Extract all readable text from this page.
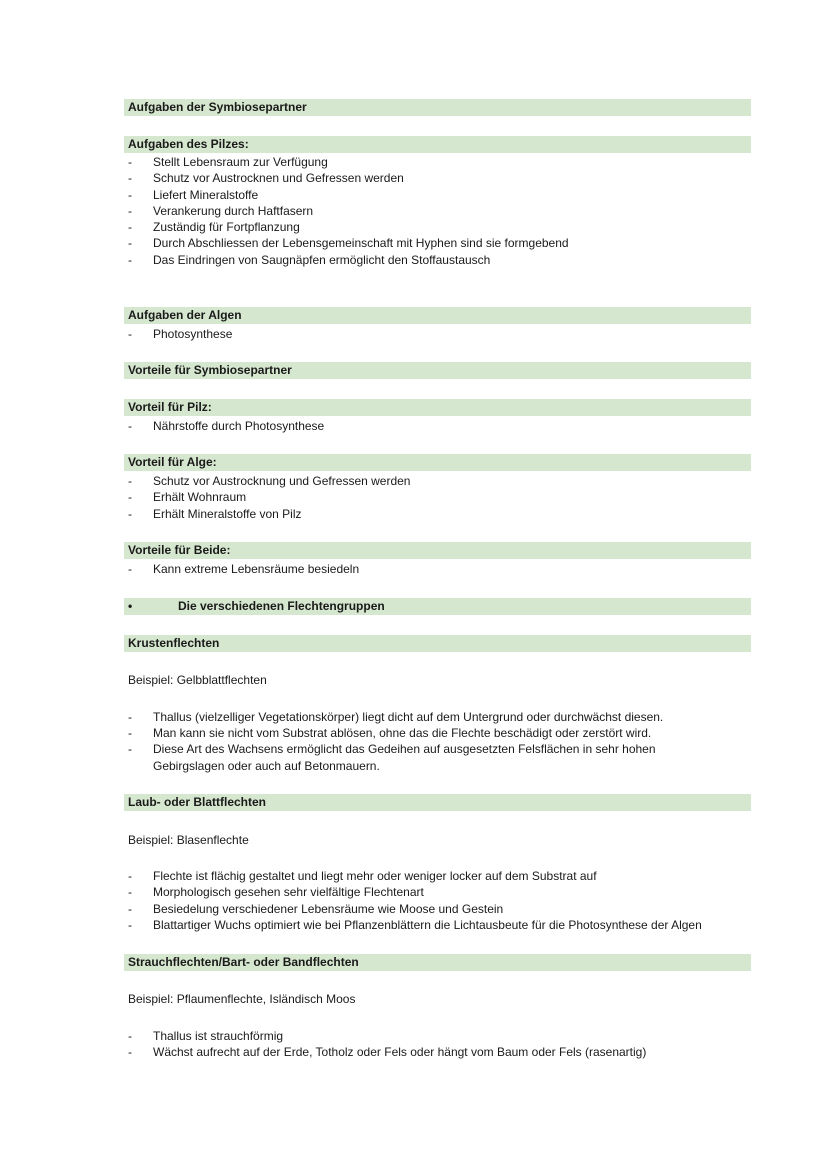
Aufgaben der Symbiosepartner
Aufgaben des Pilzes:
- Stellt Lebensraum zur Verfügung
- Schutz vor Austrocknen und Gefressen werden
- Liefert Mineralstoffe
- Verankerung durch Haftfasern
- Zuständig für Fortpflanzung
- Durch Abschliessen der Lebensgemeinschaft mit Hyphen sind sie formgebend
- Das Eindringen von Saugnäpfen ermöglicht den Stoffaustausch
Aufgaben der Algen
- Photosynthese
Vorteile für Symbiosepartner
Vorteil für Pilz:
- Nährstoffe durch Photosynthese
Vorteil für Alge:
- Schutz vor Austrocknung und Gefressen werden
- Erhält Wohnraum
- Erhält Mineralstoffe von Pilz
Vorteile für Beide:
- Kann extreme Lebensräume besiedeln
•	Die verschiedenen Flechtengruppen
Krustenflechten
Beispiel: Gelbblattflechten
- Thallus (vielzelliger Vegetationskörper) liegt dicht auf dem Untergrund oder durchwächst diesen.
- Man kann sie nicht vom Substrat ablösen, ohne das die Flechte beschädigt oder zerstört wird.
- Diese Art des Wachsens ermöglicht das Gedeihen auf ausgesetzten Felsflächen in sehr hohen
Gebirgslagen oder auch auf Betonmauern.
Laub- oder Blattflechten
Beispiel: Blasenflechte
- Flechte ist flächig gestaltet und liegt mehr oder weniger locker auf dem Substrat auf
- Morphologisch gesehen sehr vielfältige Flechtenart
- Besiedelung verschiedener Lebensräume wie Moose und Gestein
- Blattartiger Wuchs optimiert wie bei Pflanzenblättern die Lichtausbeute für die Photosynthese der Algen
Strauchflechten/Bart- oder Bandflechten
Beispiel: Pflaumenflechte, Isländisch Moos
- Thallus ist strauchförmig
- Wächst aufrecht auf der Erde, Totholz oder Fels oder hängt vom Baum oder Fels (rasenartig)
